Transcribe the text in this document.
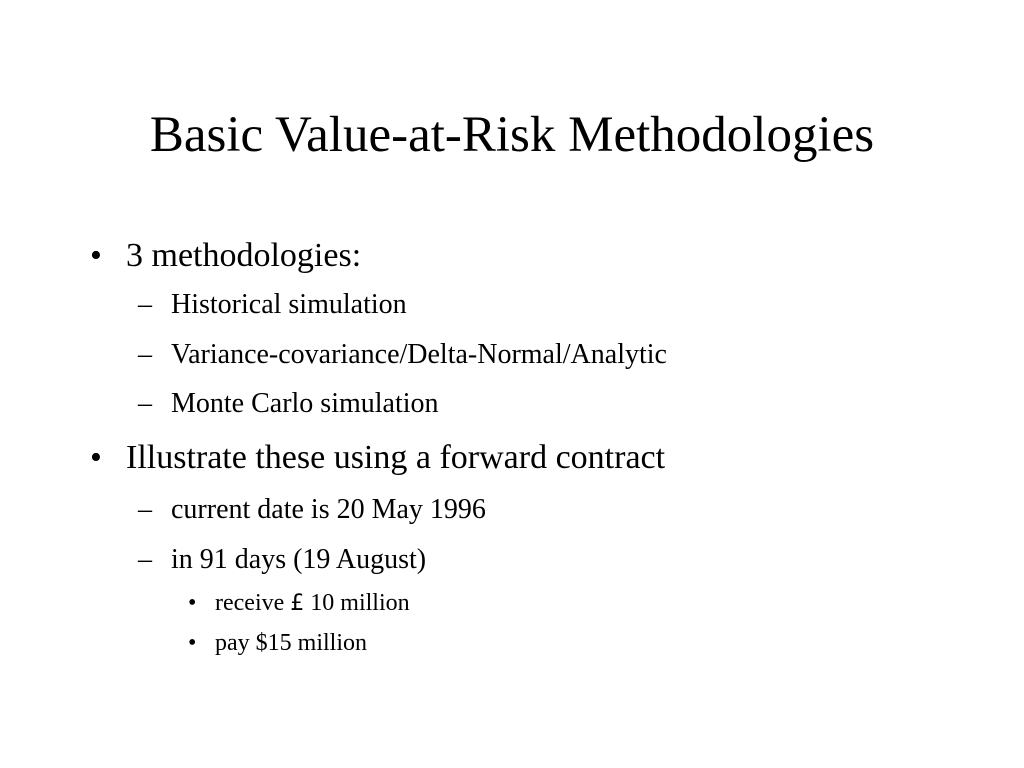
Basic Value-at-Risk Methodologies
• 3 methodologies:
– Historical simulation
– Variance-covariance/Delta-Normal/Analytic
– Monte Carlo simulation
• Illustrate these using a forward contract
– current date is 20 May 1996
– in 91 days (19 August)
• receive £ 10 million
• pay $15 million
